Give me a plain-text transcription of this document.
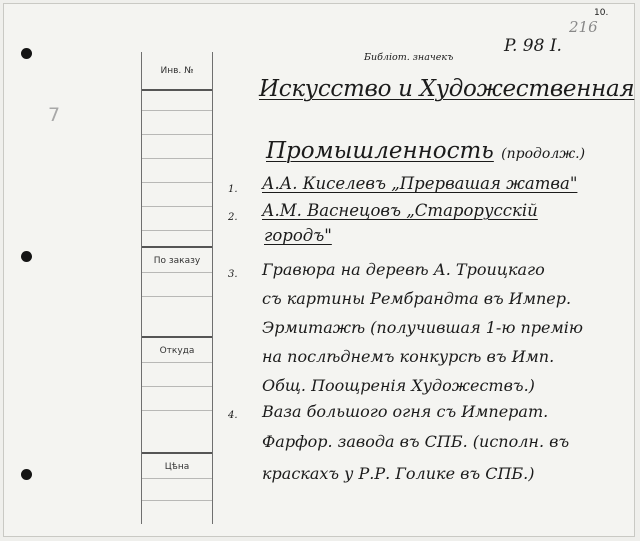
7
Инв. №
По заказу
Откуда
Цѣна
10.
216
P. 98 I.
Библіот. значекъ
Искусство и Художественная
Промышленность (продолж.)
1. А.А. Киселевъ „Прервашая жатва"
2. А.М. Васнецовъ „Старорусскій
городъ"
3. Гравюра на деревѣ А. Троицкаго
съ картины Рембрандта въ Импер.
Эрмитажѣ (получившая 1-ю премію
на послѣднемъ конкурсѣ въ Имп.
Общ. Поощренія Художествъ.)
4. Ваза большого огня съ Императ.
Фарфор. завода въ СПБ. (исполн. въ
краскахъ у Р.Р. Голике въ СПБ.)
